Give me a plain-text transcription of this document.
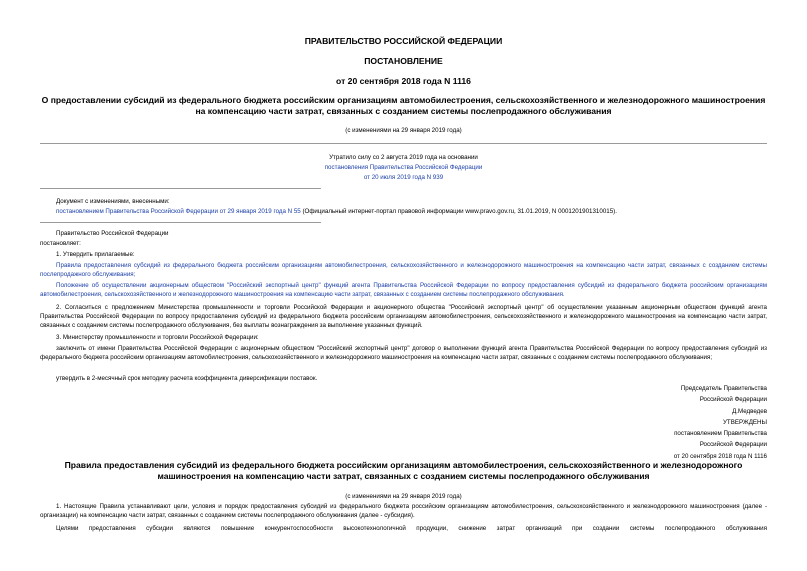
ПРАВИТЕЛЬСТВО РОССИЙСКОЙ ФЕДЕРАЦИИ
ПОСТАНОВЛЕНИЕ
от 20 сентября 2018 года N 1116
О предоставлении субсидий из федерального бюджета российским организациям автомобилестроения, сельскохозяйственного и железнодорожного машиностроения на компенсацию части затрат, связанных с созданием системы послепродажного обслуживания
(с изменениями на 29 января 2019 года)
Утратило силу со 2 августа 2019 года на основании
постановления Правительства Российской Федерации
от 20 июля 2019 года N 939
Документ с изменениями, внесенными:
постановлением Правительства Российской Федерации от 29 января 2019 года N 55 (Официальный интернет-портал правовой информации www.pravo.gov.ru, 31.01.2019, N 0001201901310015).
Правительство Российской Федерации
постановляет:
1. Утвердить прилагаемые:
Правила предоставления субсидий из федерального бюджета российским организациям автомобилестроения, сельскохозяйственного и железнодорожного машиностроения на компенсацию части затрат, связанных с созданием системы послепродажного обслуживания;
Положение об осуществлении акционерным обществом "Российский экспортный центр" функций агента Правительства Российской Федерации по вопросу предоставления субсидий из федерального бюджета российским организациям автомобилестроения, сельскохозяйственного и железнодорожного машиностроения на компенсацию части затрат, связанных с созданием системы послепродажного обслуживания.
2. Согласиться с предложением Министерства промышленности и торговли Российской Федерации и акционерного общества "Российский экспортный центр" об осуществлении указанным акционерным обществом функций агента Правительства Российской Федерации по вопросу предоставления субсидий из федерального бюджета российским организациям автомобилестроения, сельскохозяйственного и железнодорожного машиностроения на компенсацию части затрат, связанных с созданием системы послепродажного обслуживания, без выплаты вознаграждения за выполнение указанных функций.
3. Министерству промышленности и торговли Российской Федерации:
заключить от имени Правительства Российской Федерации с акционерным обществом "Российский экспортный центр" договор о выполнении функций агента Правительства Российской Федерации по вопросу предоставления субсидий из федерального бюджета российским организациям автомобилестроения, сельскохозяйственного и железнодорожного машиностроения на компенсацию части затрат, связанных с созданием системы послепродажного обслуживания;
утвердить в 2-месячный срок методику расчета коэффициента диверсификации поставок.
Председатель Правительства
Российской Федерации
Д.Медведев
УТВЕРЖДЕНЫ
постановлением Правительства
Российской Федерации
от 20 сентября 2018 года N 1116
Правила предоставления субсидий из федерального бюджета российским организациям автомобилестроения, сельскохозяйственного и железнодорожного машиностроения на компенсацию части затрат, связанных с созданием системы послепродажного обслуживания
(с изменениями на 29 января 2019 года)
1. Настоящие Правила устанавливают цели, условия и порядок предоставления субсидий из федерального бюджета российским организациям автомобилестроения, сельскохозяйственного и железнодорожного машиностроения (далее - организации) на компенсацию части затрат, связанных с созданием системы послепродажного обслуживания (далее - субсидия).
Целями предоставления субсидии являются повышение конкурентоспособности высокотехнологичной продукции, снижение затрат организаций при создании системы послепродажного обслуживания
